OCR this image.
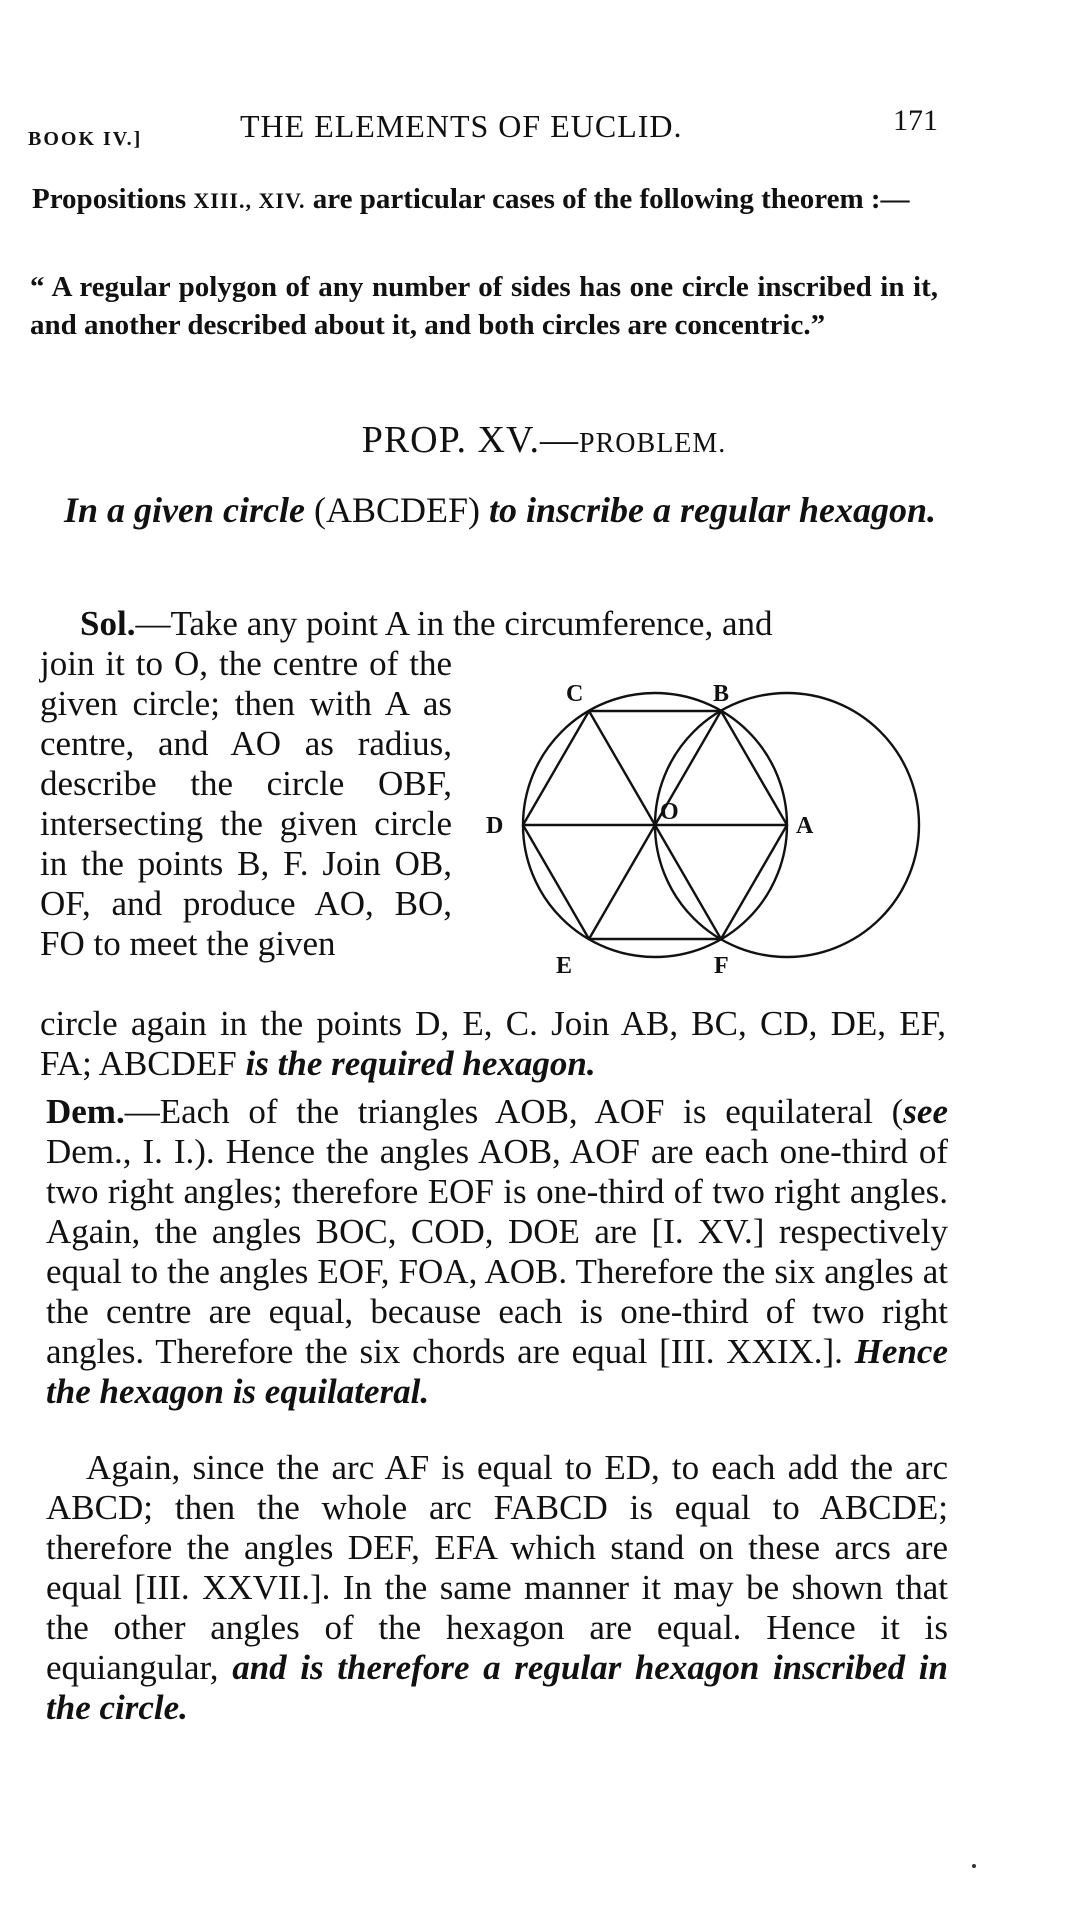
BOOK IV.]	THE ELEMENTS OF EUCLID.	171
Propositions XIII., XIV. are particular cases of the following theorem :—
“ A regular polygon of any number of sides has one circle inscribed in it, and another described about it, and both circles are concentric.”
PROP. XV.—PROBLEM.
In a given circle (ABCDEF) to inscribe a regular hexagon.
Sol.—Take any point A in the circumference, and
join it to O, the centre of the given circle; then with A as centre, and AO as radius, describe the circle OBF, intersecting the given circle in the points B, F. Join OB, OF, and produce AO, BO, FO to meet the given
C	B
D
O
A
E	F
circle again in the points D, E, C. Join AB, BC, CD, DE, EF, FA; ABCDEF is the required hexagon.
Dem.—Each of the triangles AOB, AOF is equilateral (see Dem., I. I.). Hence the angles AOB, AOF are each one-third of two right angles; therefore EOF is one-third of two right angles. Again, the angles BOC, COD, DOE are [I. XV.] respectively equal to the angles EOF, FOA, AOB. Therefore the six angles at the centre are equal, because each is one-third of two right angles. Therefore the six chords are equal [III. XXIX.]. Hence the hexagon is equilateral.
Again, since the arc AF is equal to ED, to each add the arc ABCD; then the whole arc FABCD is equal to ABCDE; therefore the angles DEF, EFA which stand on these arcs are equal [III. XXVII.]. In the same manner it may be shown that the other angles of the hexagon are equal. Hence it is equiangular, and is therefore a regular hexagon inscribed in the circle.
